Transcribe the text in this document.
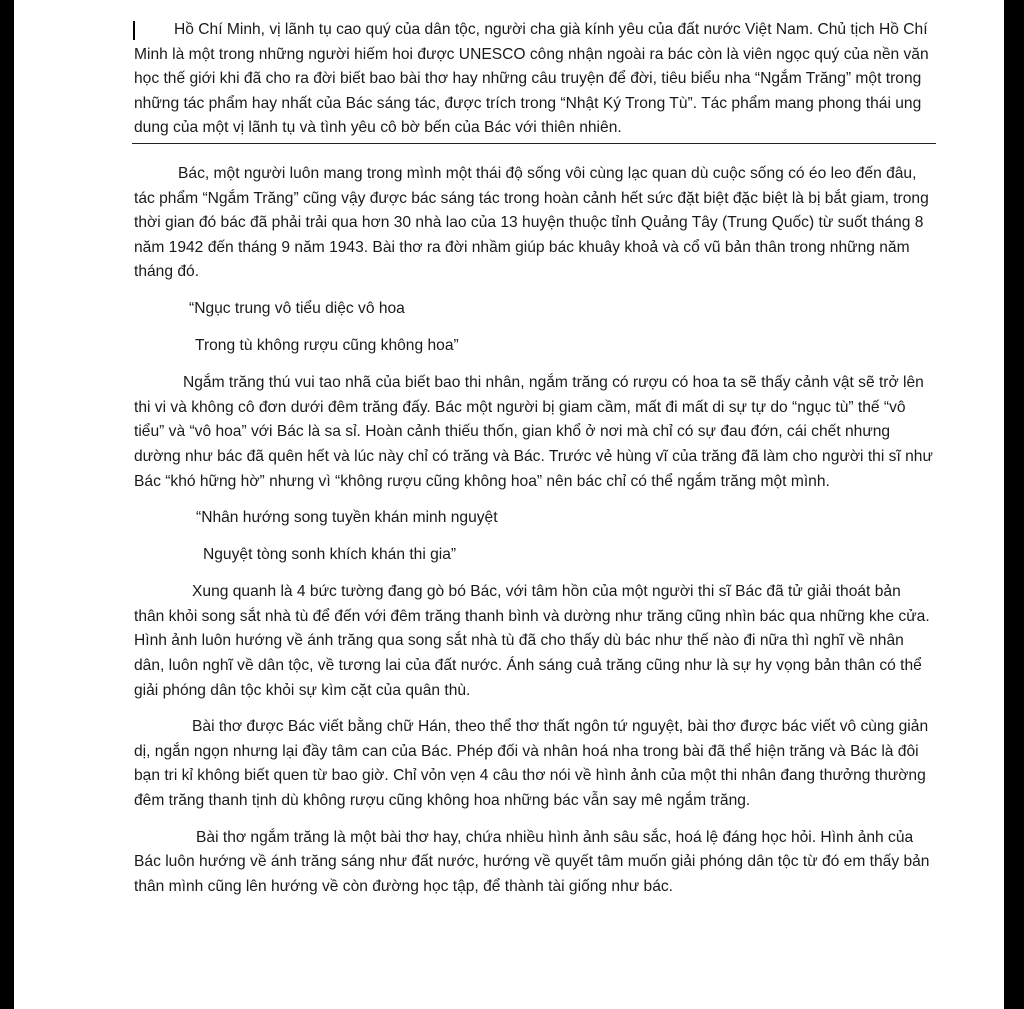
Hồ Chí Minh, vị lãnh tụ cao quý của dân tộc, người cha già kính yêu của đất nước Việt Nam. Chủ tịch Hồ Chí Minh là một trong những người hiếm hoi được UNESCO công nhận ngoài ra bác còn là viên ngọc quý của nền văn học thế giới khi đã cho ra đời biết bao bài thơ hay những câu truyện để đời, tiêu biểu nha “Ngắm Trăng” một trong những tác phẩm hay nhất của Bác sáng tác, được trích trong “Nhật Ký Trong Tù”. Tác phẩm mang phong thái ung dung của một vị lãnh tụ và tình yêu cô bờ bến của Bác với thiên nhiên.

Bác, một người luôn mang trong mình một thái độ sống vôi cùng lạc quan dù cuộc sống có éo leo đến đâu, tác phẩm “Ngắm Trăng” cũng vậy được bác sáng tác trong hoàn cảnh hết sức đặt biệt đặc biệt là bị bắt giam, trong thời gian đó bác đã phải trải qua hơn 30 nhà lao của 13 huyện thuộc tỉnh Quảng Tây (Trung Quốc) từ suốt tháng 8 năm 1942 đến tháng 9 năm 1943. Bài thơ ra đời nhầm giúp bác khuây khoả và cổ vũ bản thân trong những năm tháng đó.

“Ngục trung vô tiểu diệc vô hoa

Trong tù không rượu cũng không hoa”

Ngắm trăng thú vui tao nhã của biết bao thi nhân, ngắm trăng có rượu có hoa ta sẽ thấy cảnh vật sẽ trở lên thi vi và không cô đơn dưới đêm trăng đấy. Bác một người bị giam cầm, mất đi mất di sự tự do “ngục tù” thế “vô tiểu” và “vô hoa” với Bác là sa sỉ. Hoàn cảnh thiếu thốn, gian khổ ở nơi mà chỉ có sự đau đớn, cái chết nhưng dường như bác đã quên hết và lúc này chỉ có trăng và Bác. Trước vẻ hùng vĩ của trăng đã làm cho người thi sĩ như Bác “khó hững hờ” nhưng vì “không rượu cũng không hoa” nên bác chỉ có thể ngắm trăng một mình.

“Nhân hướng song tuyền khán minh nguyệt

Nguyệt tòng sonh khích khán thi gia”

Xung quanh là 4 bức tường đang gò bó Bác, với tâm hồn của một người thi sĩ Bác đã tử giải thoát bản thân khỏi song sắt nhà tù để đến với đêm trăng thanh bình và dường như trăng cũng nhìn bác qua những khe cửa. Hình ảnh luôn hướng về ánh trăng qua song sắt nhà tù đã cho thấy dù bác như thế nào đi nữa thì nghĩ về nhân dân, luôn nghĩ về dân tộc, về tương lai của đất nước. Ánh sáng cuả trăng cũng như là sự hy vọng bản thân có thể giải phóng dân tộc khỏi sự kìm cặt của quân thù.

Bài thơ được Bác viết bằng chữ Hán, theo thể thơ thất ngôn tứ nguyệt, bài thơ được bác viết vô cùng giản dị, ngắn ngọn nhưng lại đầy tâm can của Bác. Phép đối và nhân hoá nha trong bài đã thể hiện trăng và Bác là đôi bạn tri kỉ không biết quen từ bao giờ. Chỉ vỏn vẹn 4 câu thơ nói về hình ảnh của một thi nhân đang thưởng thường đêm trăng thanh tịnh dù không rượu cũng không hoa những bác vẫn say mê ngắm trăng.

Bài thơ ngắm trăng là một bài thơ hay, chứa nhiều hình ảnh sâu sắc, hoá lệ đáng học hỏi. Hình ảnh của Bác luôn hướng về ánh trăng sáng như đất nước, hướng về quyết tâm muốn giải phóng dân tộc từ đó em thấy bản thân mình cũng lên hướng về còn đường học tập, để thành tài giống như bác.
